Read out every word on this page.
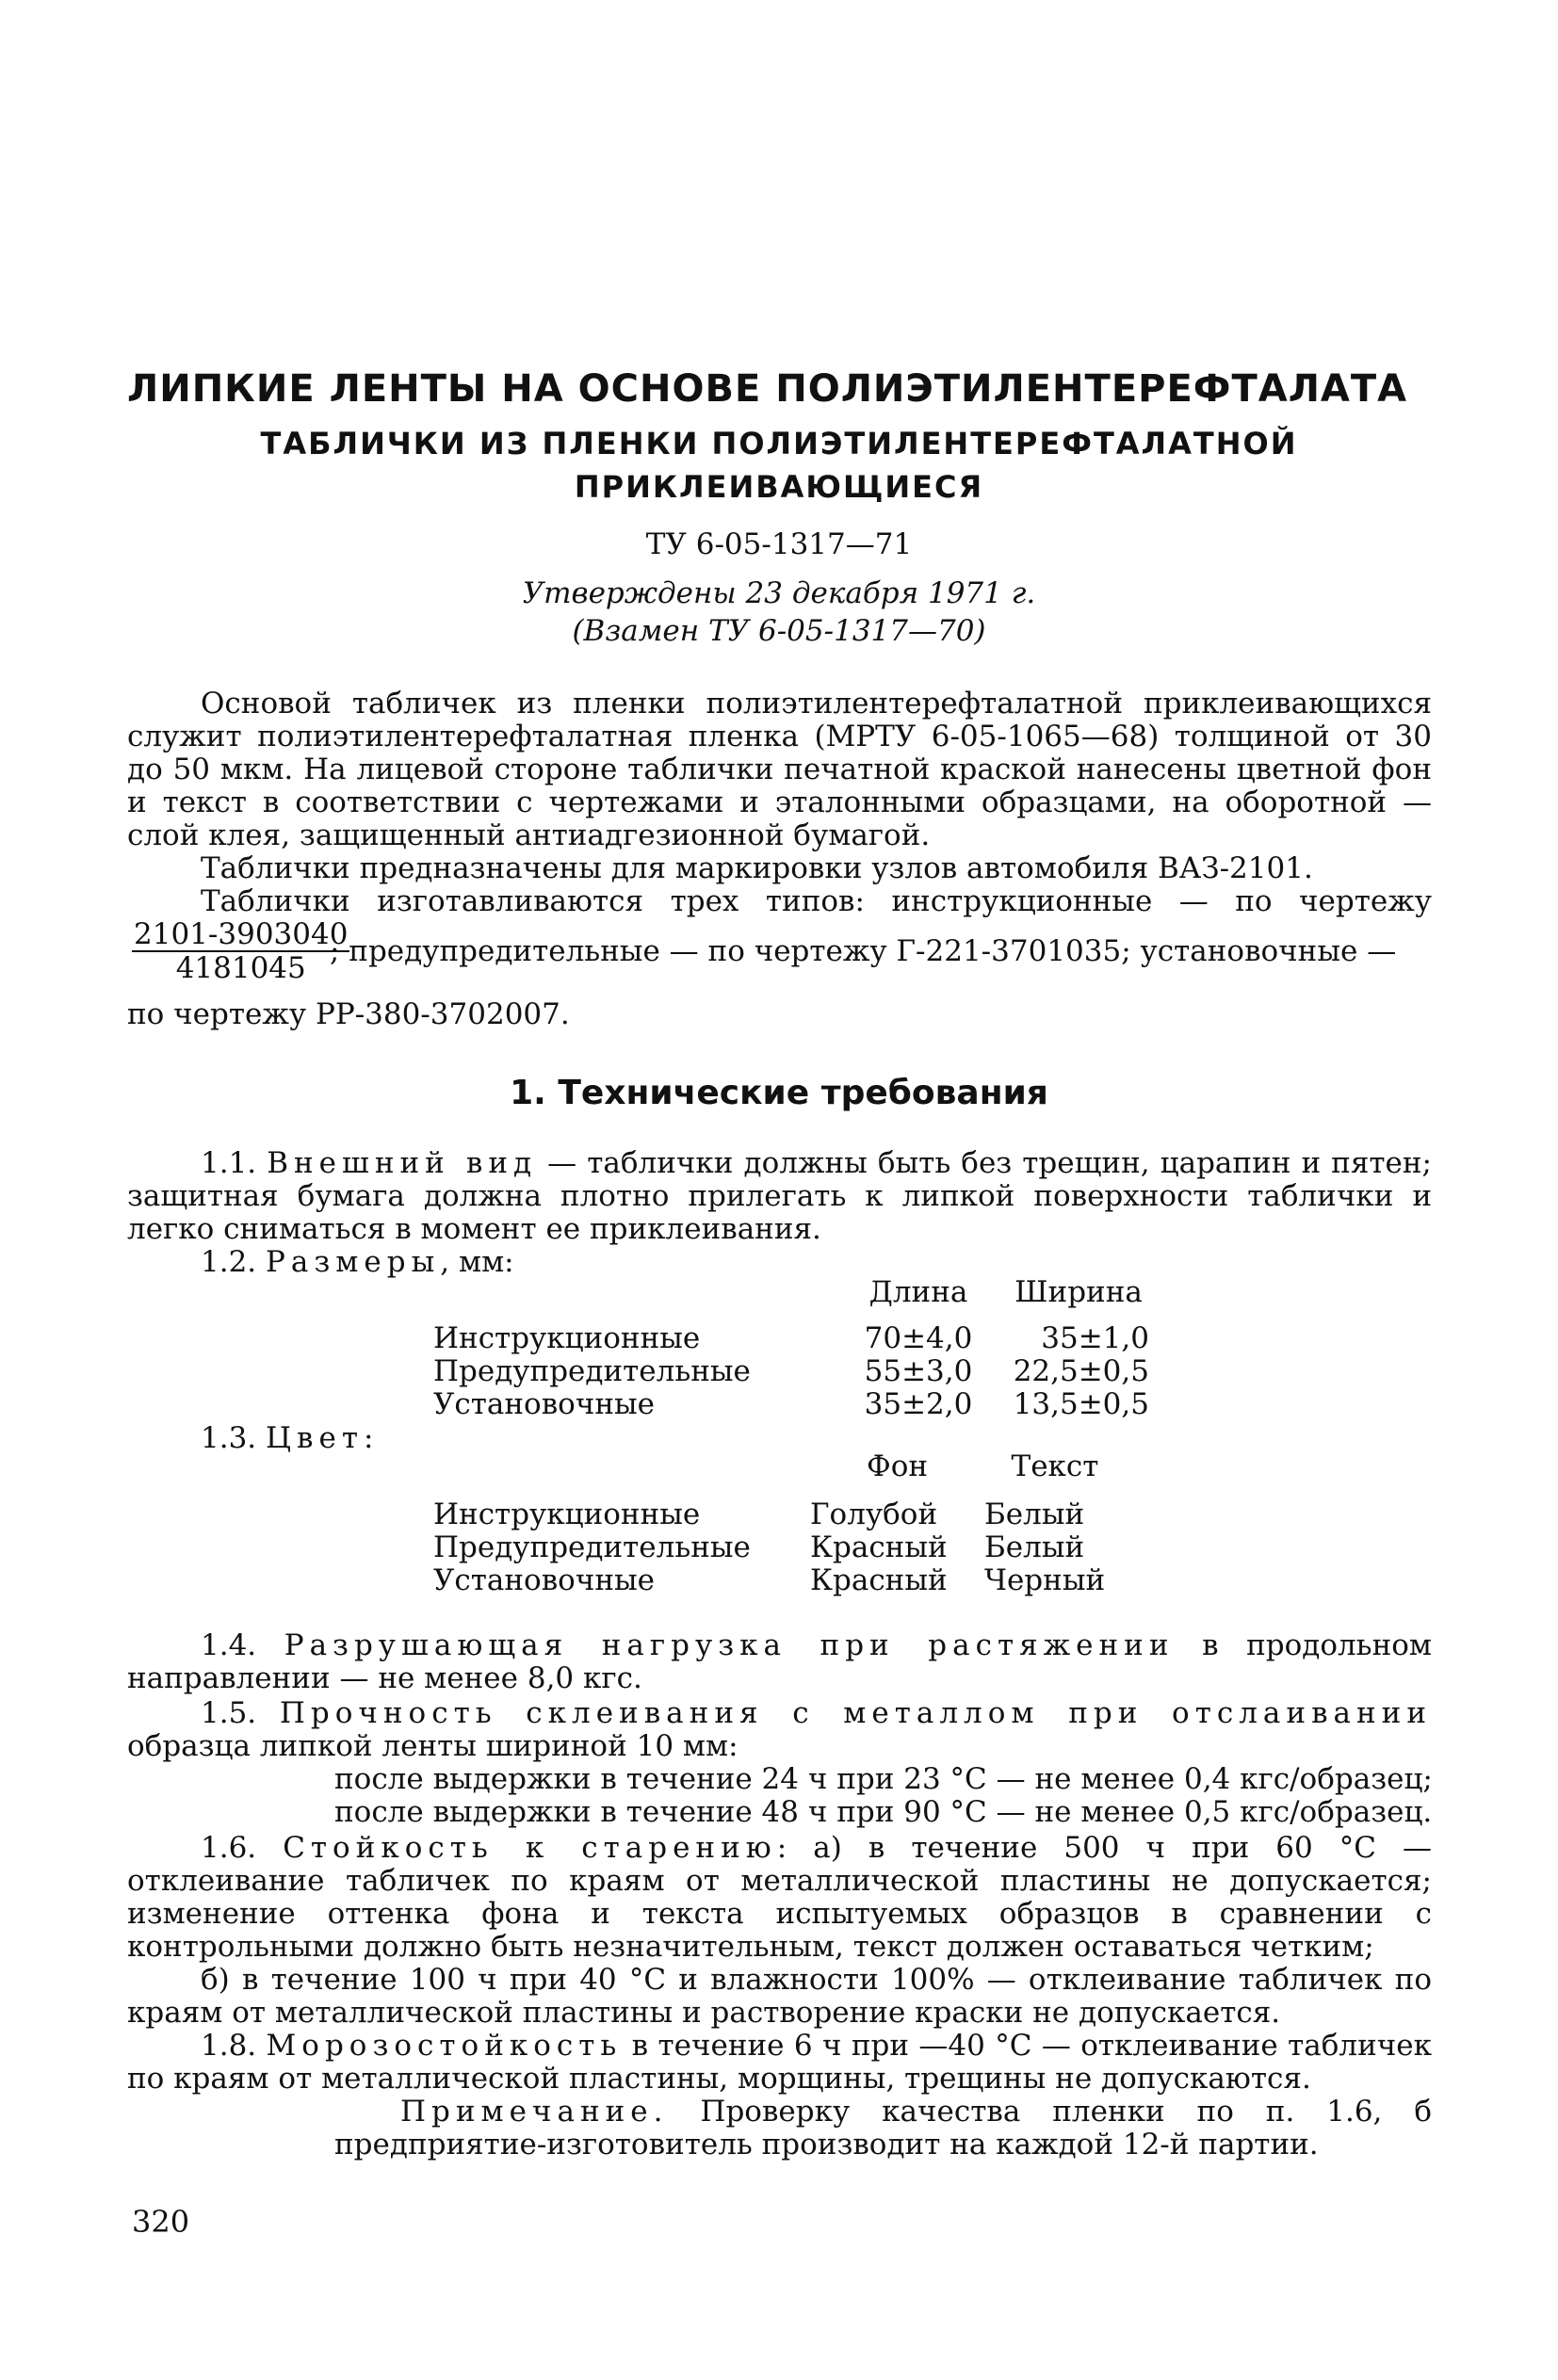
ЛИПКИЕ ЛЕНТЫ НА ОСНОВЕ ПОЛИЭТИЛЕНТЕРЕФТАЛАТА
ТАБЛИЧКИ ИЗ ПЛЕНКИ ПОЛИЭТИЛЕНТЕРЕФТАЛАТНОЙ
ПРИКЛЕИВАЮЩИЕСЯ
ТУ 6-05-1317—71
Утверждены 23 декабря 1971 г.
(Взамен ТУ 6-05-1317—70)
Основой табличек из пленки полиэтилентерефталатной приклеивающихся служит полиэтилентерефталатная пленка (МРТУ 6-05-1065—68) толщиной от 30 до 50 мкм. На лицевой стороне таблички печатной краской нанесены цветной фон и текст в соответствии с чертежами и эталонными образцами, на оборотной — слой клея, защищенный антиадгезионной бумагой.
Таблички предназначены для маркировки узлов автомобиля ВАЗ-2101.
Таблички изготавливаются трех типов: инструкционные — по чертежу
$\frac{2101-3903040}{4181045}$
; предупредительные — по чертежу Г-221-3701035; установочные —
по чертежу РР-380-3702007.
1. Технические требования
1.1. Внешний вид — таблички должны быть без трещин, царапин и пятен; защитная бумага должна плотно прилегать к липкой поверхности таблички и легко сниматься в момент ее приклеивания.
1.2. Размеры, мм:
	Длина	Ширина

Инструкционные	70±4,0	35±1,0
Предупредительные	55±3,0	22,5±0,5
Установочные	35±2,0	13,5±0,5
1.3. Цвет:
	Фон	Текст

Инструкционные	Голубой	Белый
Предупредительные	Красный	Белый
Установочные	Красный	Черный
1.4. Разрушающая нагрузка при растяжении в продольном направлении — не менее 8,0 кгс.
1.5. Прочность склеивания с металлом при отслаивании образца липкой ленты шириной 10 мм:
после выдержки в течение 24 ч при 23 °С — не менее 0,4 кгс/образец;
после выдержки в течение 48 ч при 90 °С — не менее 0,5 кгс/образец.
1.6. Стойкость к старению: а) в течение 500 ч при 60 °С — отклеивание табличек по краям от металлической пластины не допускается; изменение оттенка фона и текста испытуемых образцов в сравнении с контрольными должно быть незначительным, текст должен оставаться четким;
б) в течение 100 ч при 40 °С и влажности 100% — отклеивание табличек по краям от металлической пластины и растворение краски не допускается.
1.8. Морозостойкость в течение 6 ч при —40 °С — отклеивание табличек по краям от металлической пластины, морщины, трещины не допускаются.
Примечание. Проверку качества пленки по п. 1.6, б предприятие-изготовитель производит на каждой 12-й партии.
320
